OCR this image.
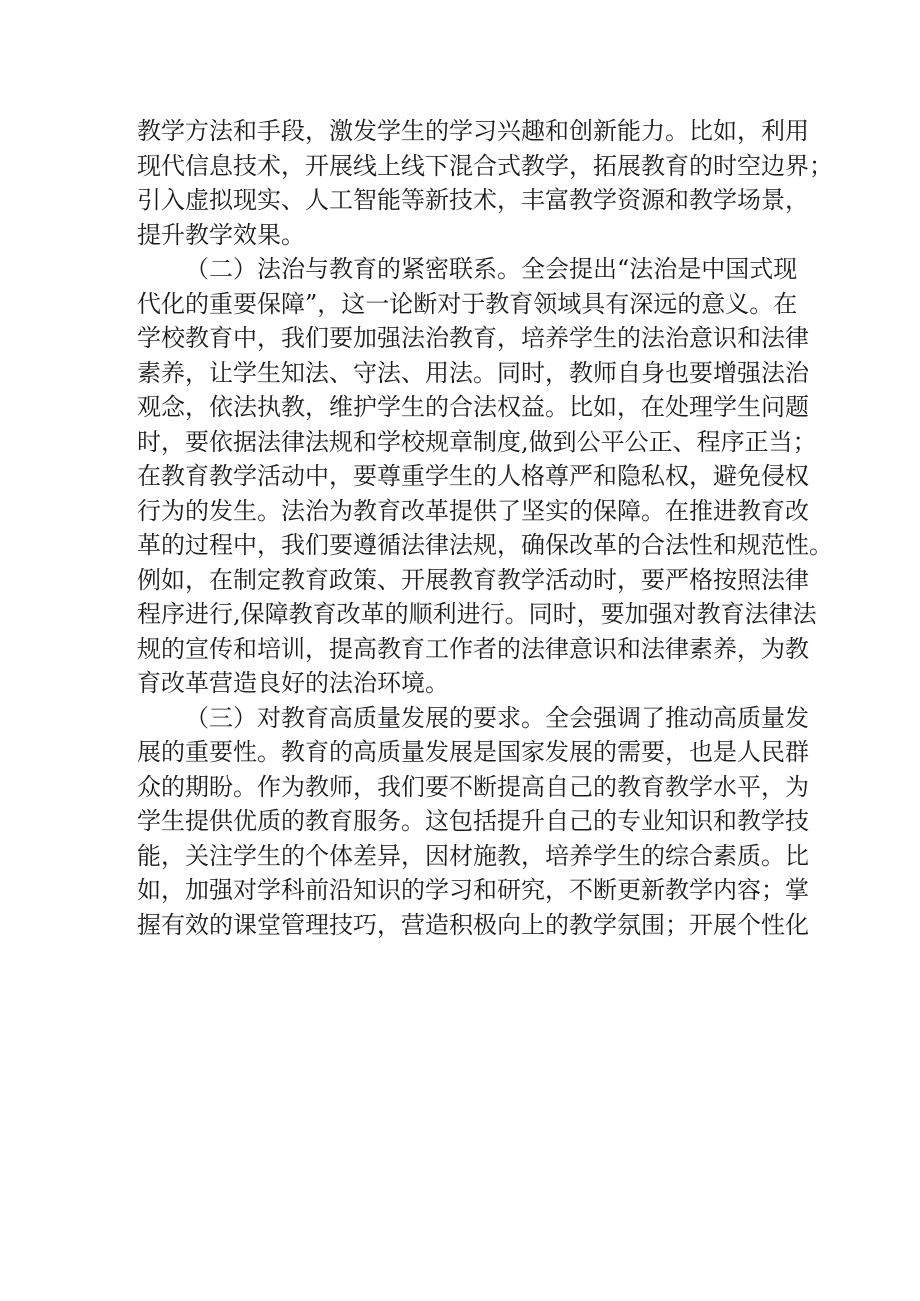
教学方法和手段，激发学生的学习兴趣和创新能力。比如，利用
现代信息技术，开展线上线下混合式教学，拓展教育的时空边界；
引入虚拟现实、人工智能等新技术，丰富教学资源和教学场景，
提升教学效果。
（二）法治与教育的紧密联系。全会提出“法治是中国式现
代化的重要保障”，这一论断对于教育领域具有深远的意义。在
学校教育中，我们要加强法治教育，培养学生的法治意识和法律
素养，让学生知法、守法、用法。同时，教师自身也要增强法治
观念，依法执教，维护学生的合法权益。比如，在处理学生问题
时，要依据法律法规和学校规章制度,做到公平公正、程序正当；
在教育教学活动中，要尊重学生的人格尊严和隐私权，避免侵权
行为的发生。法治为教育改革提供了坚实的保障。在推进教育改
革的过程中，我们要遵循法律法规，确保改革的合法性和规范性。
例如，在制定教育政策、开展教育教学活动时，要严格按照法律
程序进行,保障教育改革的顺利进行。同时，要加强对教育法律法
规的宣传和培训，提高教育工作者的法律意识和法律素养，为教
育改革营造良好的法治环境。
（三）对教育高质量发展的要求。全会强调了推动高质量发
展的重要性。教育的高质量发展是国家发展的需要，也是人民群
众的期盼。作为教师，我们要不断提高自己的教育教学水平，为
学生提供优质的教育服务。这包括提升自己的专业知识和教学技
能，关注学生的个体差异，因材施教，培养学生的综合素质。比
如，加强对学科前沿知识的学习和研究，不断更新教学内容；掌
握有效的课堂管理技巧，营造积极向上的教学氛围；开展个性化
